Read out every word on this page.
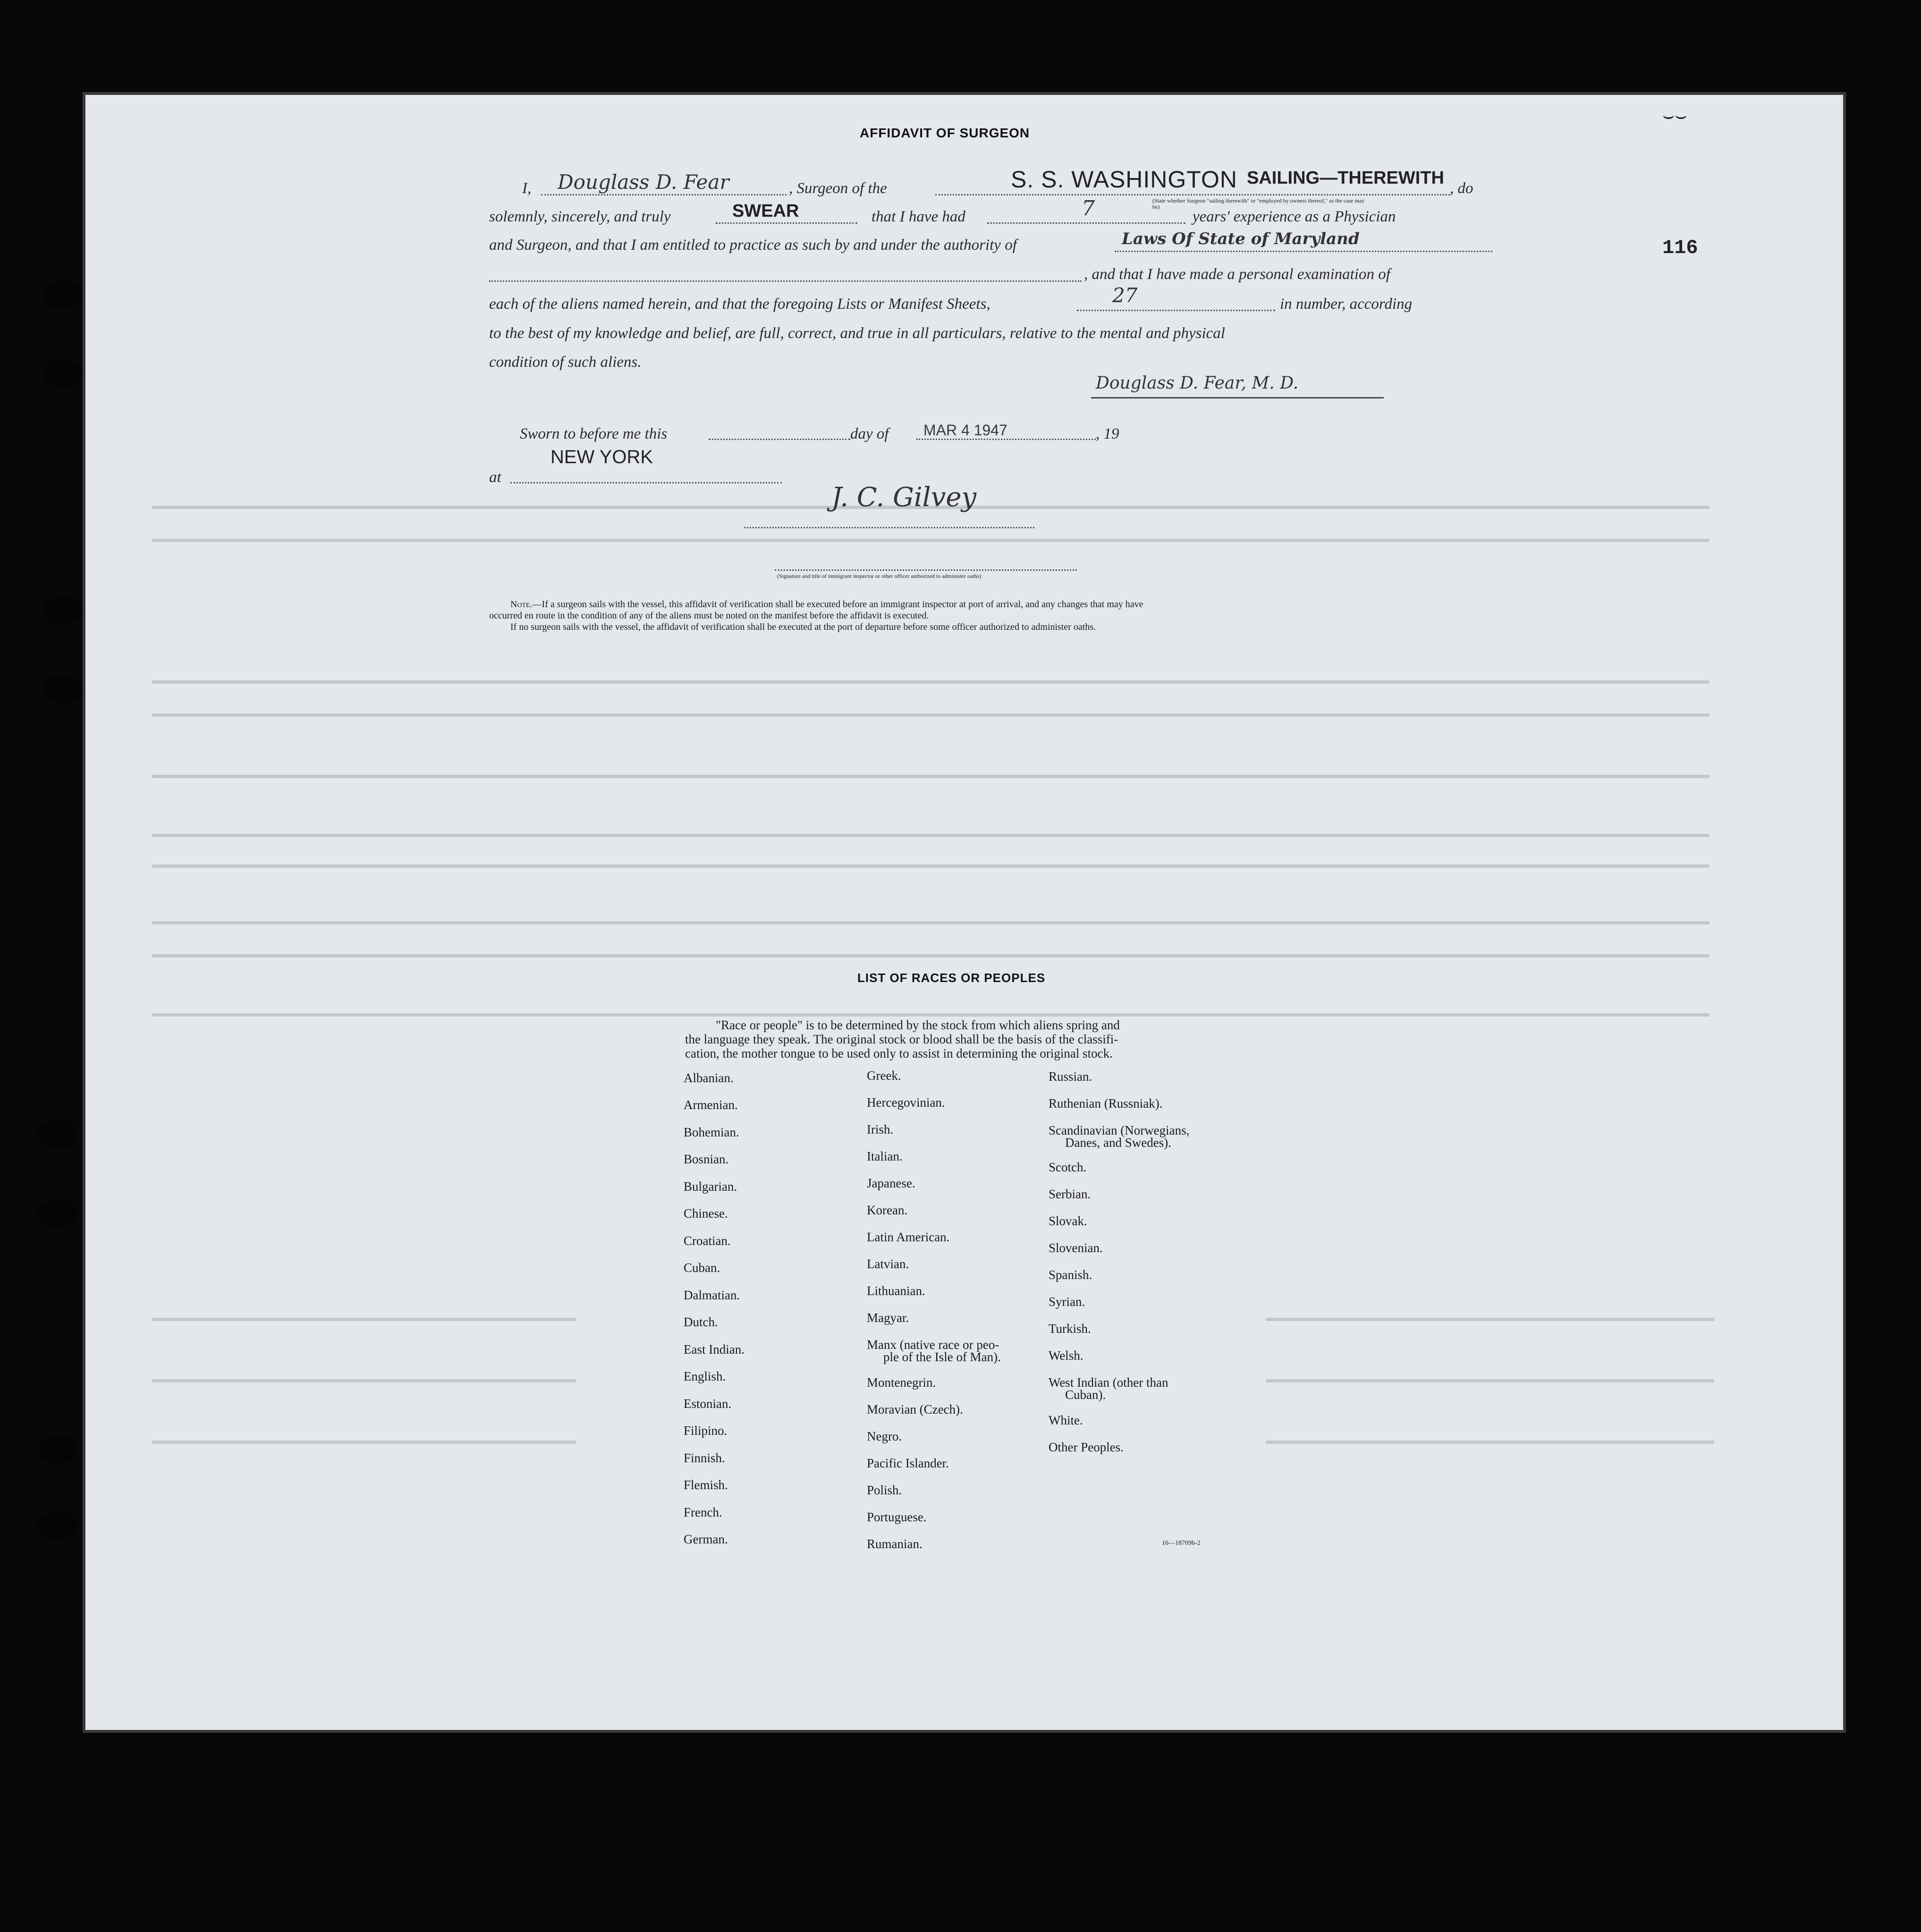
⌣⌣
116
AFFIDAVIT OF SURGEON
I, Douglass D. Fear	, Surgeon of the	S. S. WASHINGTON SAILING—THEREWITH
, do
(State whether Surgeon "sailing therewith" or "employed by owners thereof," as the case may be)
solemnly, sincerely, and truly	SWEAR	that I have had	7	years' experience as a Physician
and Surgeon, and that I am entitled to practice as such by and under the authority of	Laws Of State of Maryland
, and that I have made a personal examination of
each of the aliens named herein, and that the foregoing Lists or Manifest Sheets,	27	in number, according
to the best of my knowledge and belief, are full, correct, and true in all particulars, relative to the mental and physical
condition of such aliens.
Douglass D. Fear, M. D.
Sworn to before me this	day of MAR 4 1947	, 19
at
NEW YORK
J. C. Gilvey
(Signature and title of immigrant inspector or other officer authorized to administer oaths)
Note.—If a surgeon sails with the vessel, this affidavit of verification shall be executed before an immigrant inspector at port of arrival, and any changes that may have
occurred en route in the condition of any of the aliens must be noted on the manifest before the affidavit is executed.
If no surgeon sails with the vessel, the affidavit of verification shall be executed at the port of departure before some officer authorized to administer oaths.
LIST OF RACES OR PEOPLES
"Race or people" is to be determined by the stock from which aliens spring and
the language they speak. The original stock or blood shall be the basis of the classifi-
cation, the mother tongue to be used only to assist in determining the original stock.
Albanian.
Armenian.
Bohemian.
Bosnian.
Bulgarian.
Chinese.
Croatian.
Cuban.
Dalmatian.
Dutch.
East Indian.
English.
Estonian.
Filipino.
Finnish.
Flemish.
French.
German.
Greek.
Hercegovinian.
Irish.
Italian.
Japanese.
Korean.
Latin American.
Latvian.
Lithuanian.
Magyar.
Manx (native race or peo-
ple of the Isle of Man).
Montenegrin.
Moravian (Czech).
Negro.
Pacific Islander.
Polish.
Portuguese.
Rumanian.
Russian.
Ruthenian (Russniak).
Scandinavian (Norwegians,
Danes, and Swedes).
Scotch.
Serbian.
Slovak.
Slovenian.
Spanish.
Syrian.
Turkish.
Welsh.
West Indian (other than
Cuban).
White.
Other Peoples.
16—18709b-2
